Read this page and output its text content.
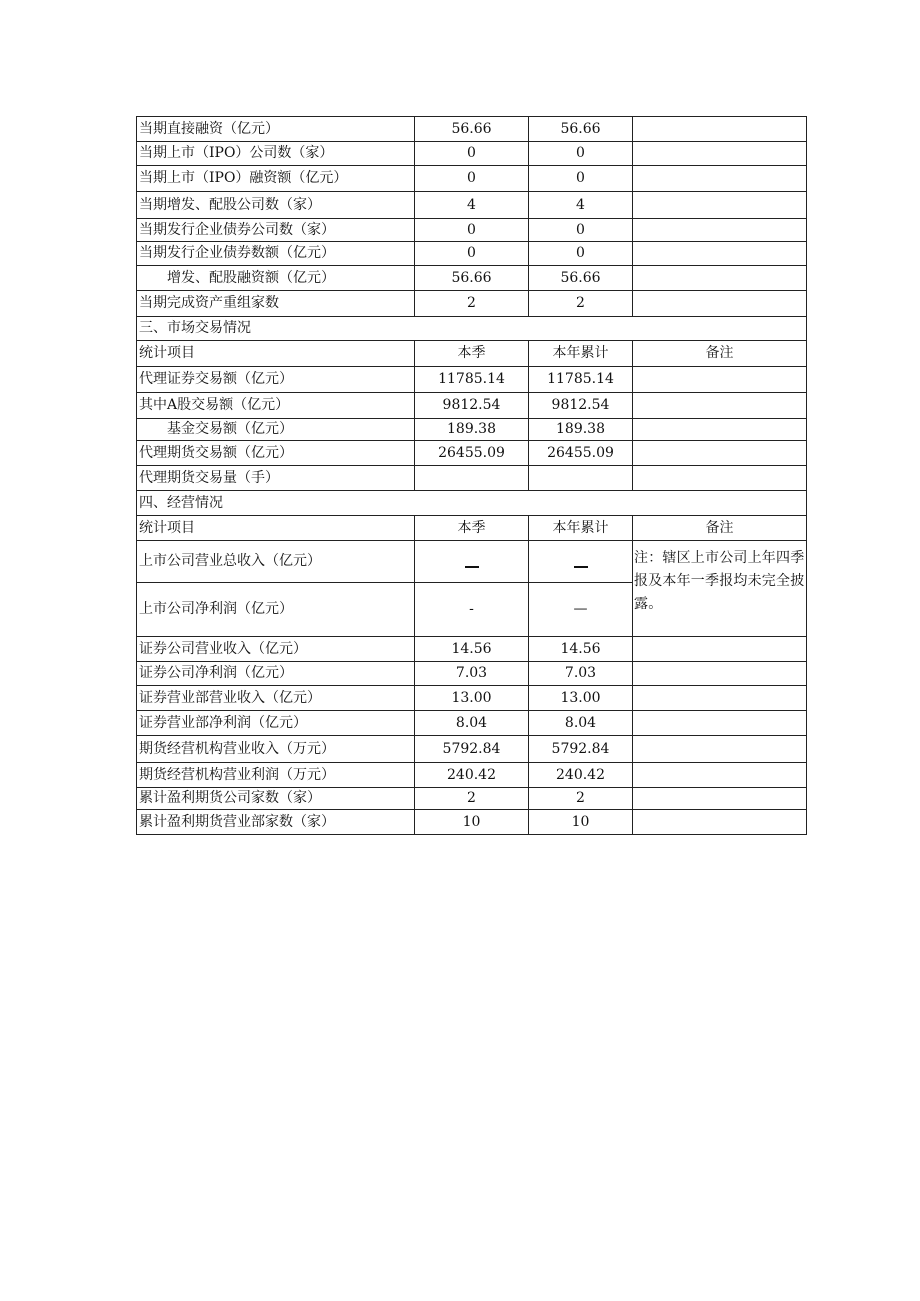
当期直接融资（亿元）	56.66	56.66	
当期上市（IPO）公司数（家）	0	0	
当期上市（IPO）融资额（亿元）	0	0	
当期增发、配股公司数（家）	4	4	
当期发行企业债券公司数（家）	0	0	
当期发行企业债券数额（亿元）	0	0	
增发、配股融资额（亿元）	56.66	56.66	
当期完成资产重组家数	2	2	
三、市场交易情况			
统计项目	本季	本年累计	备注
代理证券交易额（亿元）	11785.14	11785.14	
其中A股交易额（亿元）	9812.54	9812.54	
基金交易额（亿元）	189.38	189.38	
代理期货交易额（亿元）	26455.09	26455.09	
代理期货交易量（手）			
四、经营情况			
统计项目	本季	本年累计	备注
上市公司营业总收入（亿元）			注：辖区上市公司上年四季报及本年一季报均未完全披露。
上市公司净利润（亿元）	-	—	
证券公司营业收入（亿元）	14.56	14.56	
证券公司净利润（亿元）	7.03	7.03	
证券营业部营业收入（亿元）	13.00	13.00	
证券营业部净利润（亿元）	8.04	8.04	
期货经营机构营业收入（万元）	5792.84	5792.84	
期货经营机构营业利润（万元）	240.42	240.42	
累计盈利期货公司家数（家）	2	2	
累计盈利期货营业部家数（家）	10	10	
